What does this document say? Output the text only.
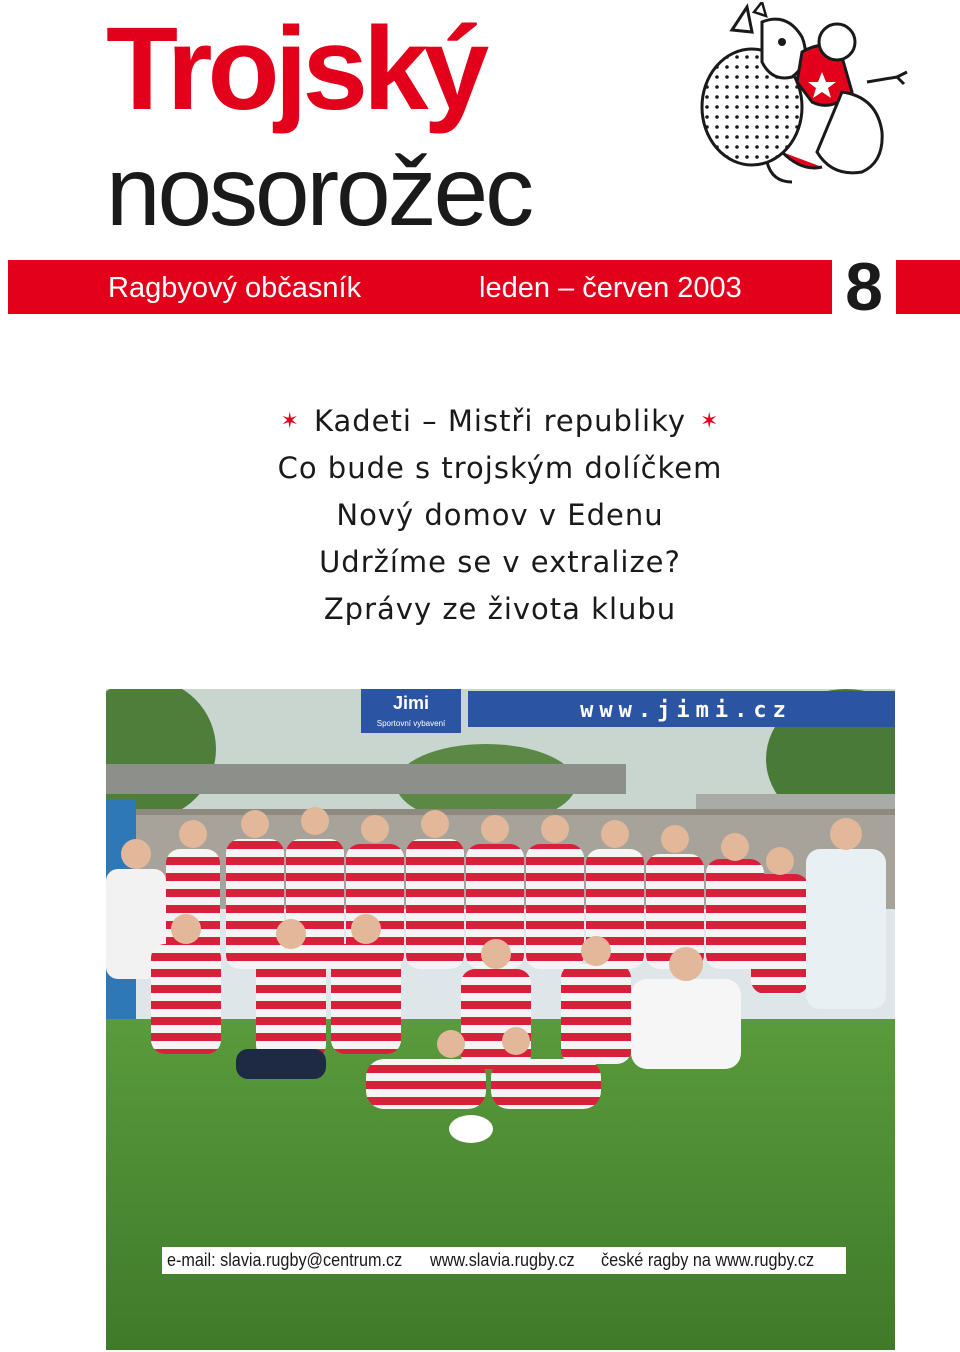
Trojský
nosorožec
Ragbyový občasník	leden – červen 2003 8
✶ Kadeti – Mistři republiky ✶
Co bude s trojským dolíčkem
Nový domov v Edenu
Udržíme se v extralize?
Zprávy ze života klubu
www.jimi.cz
Jimi
Sportovní vybavení
e-mail: slavia.rugby@centrum.cz www.slavia.rugby.cz české ragby na www.rugby.cz
